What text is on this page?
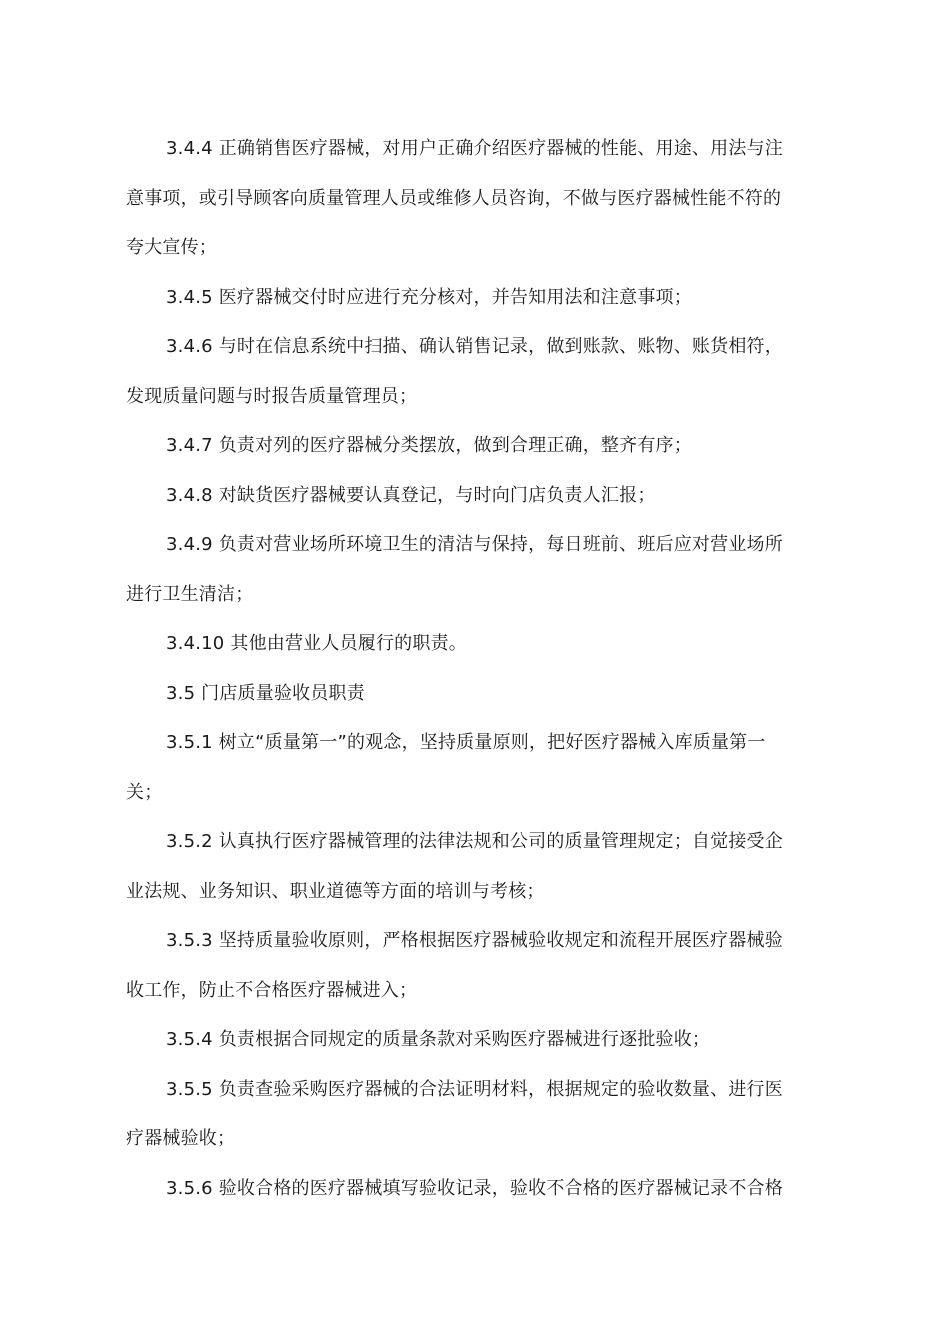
3.4.4 正确销售医疗器械，对用户正确介绍医疗器械的性能、用途、用法与注
意事项，或引导顾客向质量管理人员或维修人员咨询，不做与医疗器械性能不符的
夸大宣传；

3.4.5 医疗器械交付时应进行充分核对，并告知用法和注意事项；

3.4.6 与时在信息系统中扫描、确认销售记录，做到账款、账物、账货相符，
发现质量问题与时报告质量管理员；

3.4.7 负责对列的医疗器械分类摆放，做到合理正确，整齐有序；

3.4.8 对缺货医疗器械要认真登记，与时向门店负责人汇报；

3.4.9 负责对营业场所环境卫生的清洁与保持，每日班前、班后应对营业场所
进行卫生清洁；

3.4.10 其他由营业人员履行的职责。

3.5 门店质量验收员职责

3.5.1 树立“质量第一”的观念，坚持质量原则，把好医疗器械入库质量第一
关；

3.5.2 认真执行医疗器械管理的法律法规和公司的质量管理规定；自觉接受企
业法规、业务知识、职业道德等方面的培训与考核；

3.5.3 坚持质量验收原则，严格根据医疗器械验收规定和流程开展医疗器械验
收工作，防止不合格医疗器械进入；

3.5.4 负责根据合同规定的质量条款对采购医疗器械进行逐批验收；

3.5.5 负责查验采购医疗器械的合法证明材料，根据规定的验收数量、进行医
疗器械验收；

3.5.6 验收合格的医疗器械填写验收记录，验收不合格的医疗器械记录不合格
